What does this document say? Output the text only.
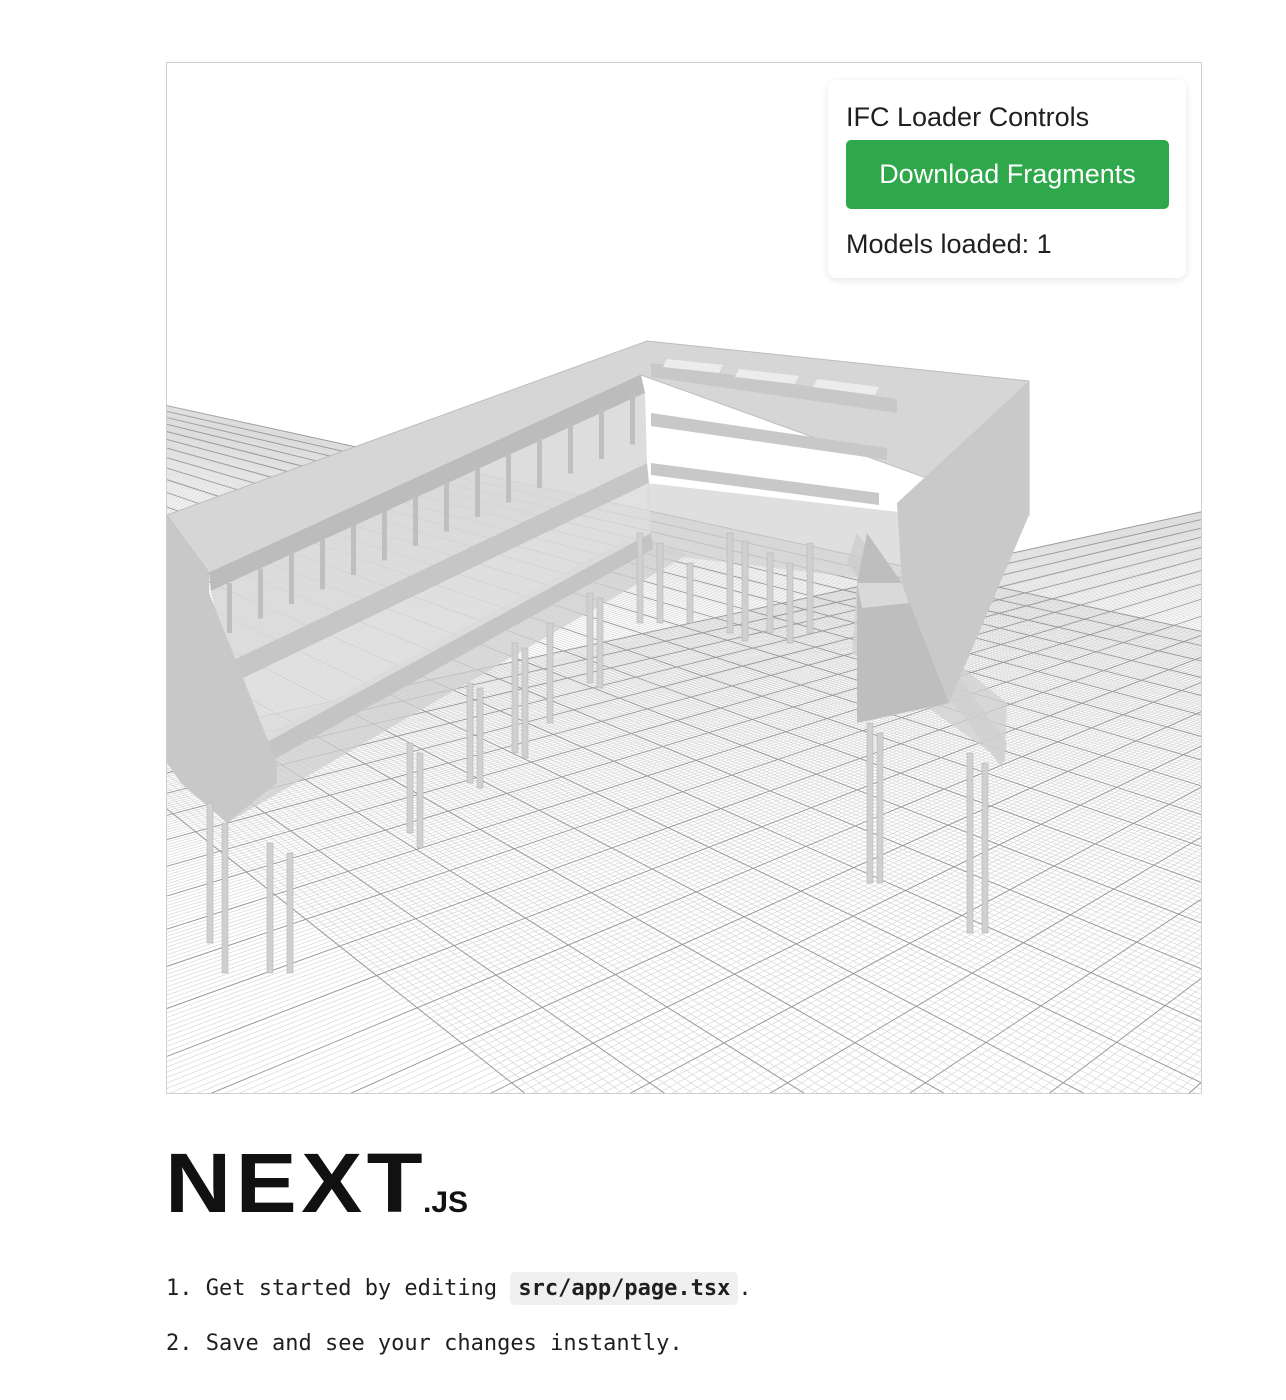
IFC Loader Controls
Download Fragments
Models loaded: 1
NEXT
.JS
1. Get started by editing src/app/page.tsx .
2. Save and see your changes instantly.
